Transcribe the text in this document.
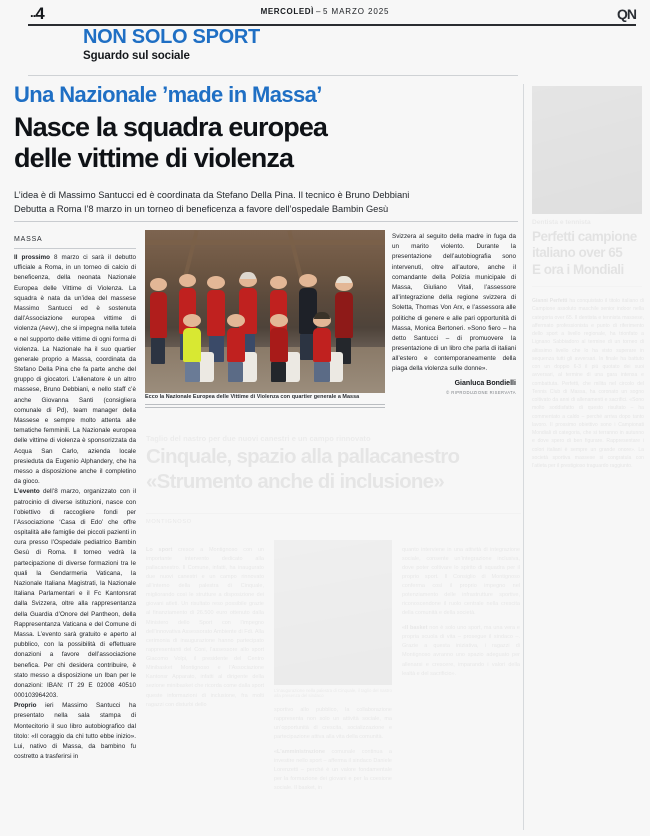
..4	MERCOLEDÌ – 5 MARZO 2025	QN
NON SOLO SPORT
Sguardo sul sociale
Una Nazionale ’made in Massa’
Nasce la squadra europea
delle vittime di violenza
L’idea è di Massimo Santucci ed è coordinata da Stefano Della Pina. Il tecnico è Bruno Debbiani
Debutta a Roma l’8 marzo in un torneo di beneficenza a favore dell’ospedale Bambin Gesù
MASSA

Il prossimo 8 marzo ci sarà il debutto ufficiale a Roma, in un torneo di calcio di beneficenza, della neonata Nazionale Europea delle Vittime di Violenza. La squadra è nata da un’idea del massese Massimo Santucci ed è sostenuta dall’Associazione europea vittime di violenza (Aevv), che si impegna nella tutela e nel supporto delle vittime di ogni forma di violenza. La Nazionale ha il suo quartier generale proprio a Massa, coordinata da Stefano Della Pina che fa parte anche del gruppo di giocatori. L’allenatore è un altro massese, Bruno Debbiani, e nello staff c’è anche Giovanna Santi (consigliera comunale di Pd), team manager della Massese e sempre molto attenta alle tematiche femminili. La Nazionale europea delle vittime di violenza è sponsorizzata da Acqua San Carlo, azienda locale presieduta da Eugenio Alphandery, che ha messo a disposizione anche il completino da gioco.

L’evento dell’8 marzo, organizzato con il patrocinio di diverse istituzioni, nasce con l’obiettivo di raccogliere fondi per l’Associazione ‘Casa di Edo’ che offre ospitalità alle famiglie dei piccoli pazienti in cura presso l’Ospedale pediatrico Bambin Gesù di Roma. Il torneo vedrà la partecipazione di diverse formazioni tra le quali la Gendarmeria Vaticana, la Nazionale Italiana Magistrati, la Nazionale Italiana Parlamentari e il Fc Kantonsrat dalla Svizzera, oltre alla rappresentanza della Guardia d’Onore del Pantheon, della Rappresentanza Vaticana e del Comune di Massa. L’evento sarà gratuito e aperto al pubblico, con la possibilità di effettuare donazioni a favore dell’associazione benefica. Per chi desidera contribuire, è stato messo a disposizione un Iban per le donazioni: IBAN: IT 29 E 02008 40510 000103964203.

Proprio ieri Massimo Santucci ha presentato nella sala stampa di Montecitorio il suo libro autobiografico dal titolo: «Il coraggio da chi tutto ebbe inizio». Lui, nativo di Massa, da bambino fu costretto a trasferirsi in

Ecco la Nazionale Europea delle Vittime di Violenza con quartier generale a Massa

Svizzera al seguito della madre in fuga da un marito violento. Durante la presentazione dell’autobiografia sono intervenuti, oltre all’autore, anche il comandante della Polizia municipale di Massa, Giuliano Vitali, l’assessore all’integrazione della regione svizzera di Soletta, Thomas Von Arx, e l’assessora alle politiche di genere e alle pari opportunità di Massa, Monica Bertoneri. »Sono fiero – ha detto Santucci – di promuovere la presentazione di un libro che parla di italiani all’estero e contemporaneamente della piaga della violenza sulle donne».

Gianluca Bondielli
© RIPRODUZIONE RISERVATA
Taglio del nastro per due nuovi canestri e un campo rinnovato
Cinquale, spazio alla pallacanestro
«Strumento anche di inclusione»
MONTIGNOSO
L’inaugurazione nella palestra di Cinquale, il taglio del nastro alla presenza del sindaco

Lo sport cresce a Montignoso con un importante intervento dedicato alla pallacanestro. Il Comune, infatti, ha inaugurato due nuovi canestri e un campo rinnovato all’interno della palestra di Cinquale, migliorando così le strutture a disposizione dei giovani atleti. Un risultato reso possibile grazie al finanziamento di 26.500 euro ottenuto dalla Ministero dello Sport con l’impegno dell’innovativa Assessorato Ambiente di Fdi. Alla cerimonia di inaugurazione hanno partecipato rappresentanti del Coni, l’assessore allo sport Giacomo Volpi, il presidente del Centro Minibasket Montignoso e l’Associazione Kantonsr Apparato, infatti al dirigente della sezione minibasket che ricorda come dalla sport queste informazioni di inclusione, fra molti ragazzi con disturbi dello

sportivo allo pubblico, la collaborazione rappresenta non solo un attività sociale, ma un’opportunità di crescita, socializzazione e partecipazione attiva alla vita della comunità.

«L’amministrazione comunale continua a investire nello sport – afferma il sindaco Daniele Lorenzetti – perché è un valore fondamentale per la formazione dei giovani e per la coesione sociale. Il basket, in

quanto interviene in una attività di integrazione sociale, consente un’integrazione inclusiva, dove poter coltivare lo spirito di squadra per il proprio sport. Il Consiglio di Montignoso conferma così il proprio impegno nel potenziamento delle infrastrutture sportive, riconoscendone il ruolo centrale nella crescita della comunità e della società.

«Il basket non è solo uno sport, ma una vera e propria scuola di vita – prosegue il sindaco –. Grazie a questa iniziativa, i ragazzi di Montignoso avranno uno spazio adeguato per allenarsi e crescere, imparando i valori della lealtà e del sacrificio».

Dentista e tennista
Perfetti campione
italiano over 65
E ora i Mondiali

Gianni Perfetti ha conquistato il titolo italiano di Campione assoluto maschile senior indoor nella categoria over 65. Il dentista e tennista massese, affermato professionista e punto di riferimento dello sport a livello regionale, ha trionfato a Lignano Sabbiadoro al termine di un torneo di altissimo livello che lo ha visto superare in sequenza tutti gli avversari. In finale ha battuto con un doppio 6-3 il più quotato dei suoi avversari, al termine di una gara intensa e combattuta. Perfetti, che milita nel circolo del Tennis Club di Massa, ha coronato un sogno coltivato da anni di allenamenti e sacrifici. «Sono molto soddisfatto di questo risultato – ha commentato a caldo – perché arriva dopo tanto lavoro. Il prossimo obiettivo sono i Campionati Mondiali di categoria, che si terranno in autunno e dove spero di ben figurare. Rappresentare i colori italiani è sempre un grande onore». La società sportiva massese si congratula con l’atleta per il prestigioso traguardo raggiunto.
